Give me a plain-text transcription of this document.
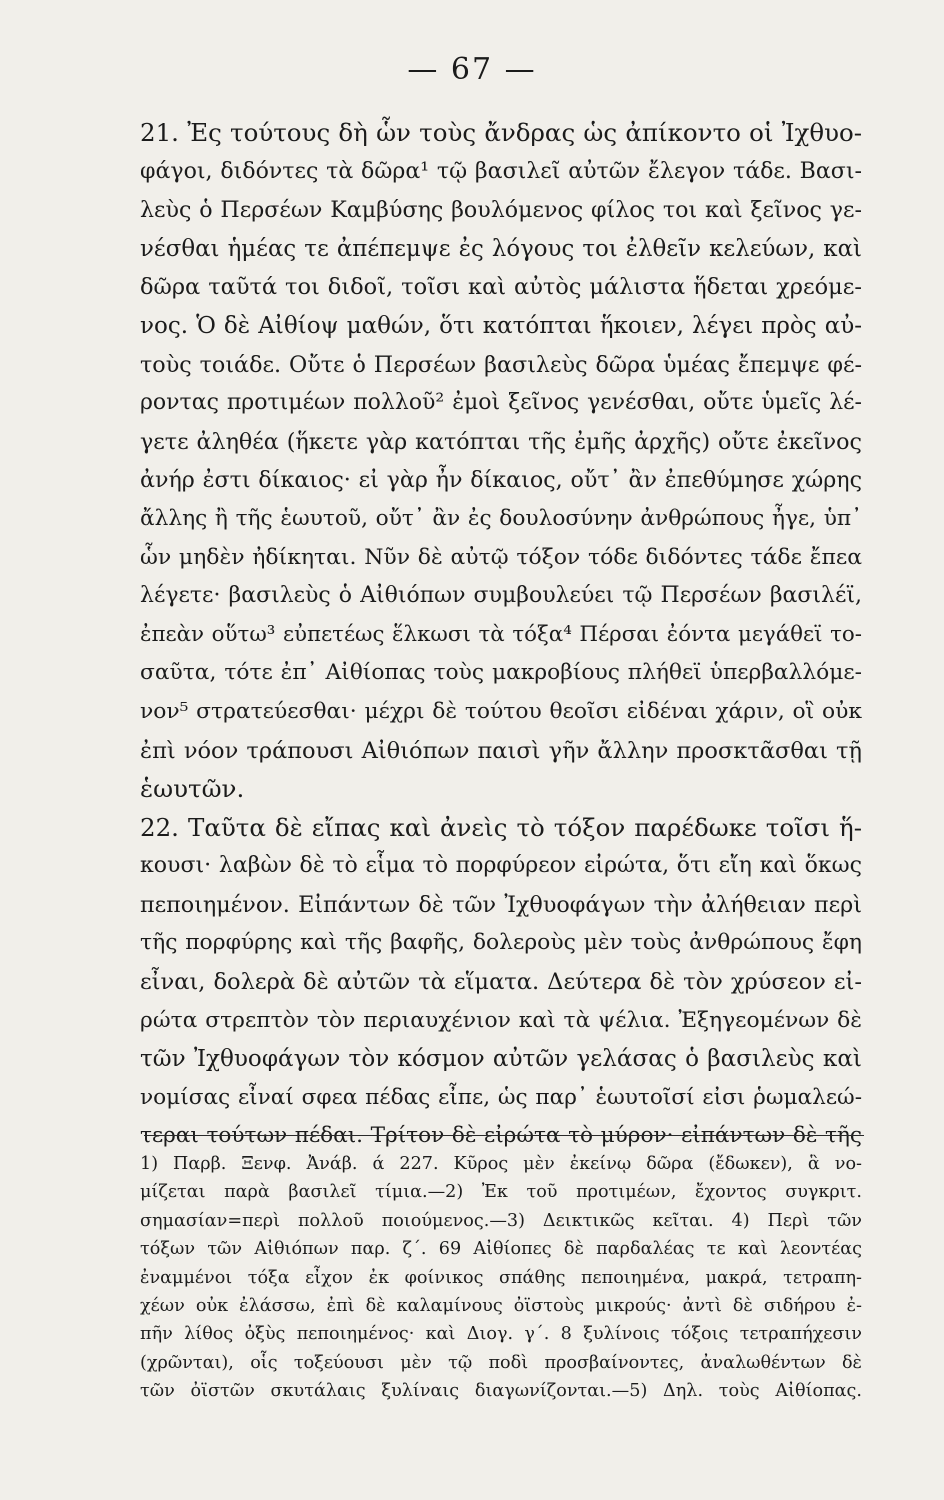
— 67 —
21. Ἐς τούτους δὴ ὧν τοὺς ἄνδρας ὡς ἀπίκοντο οἱ Ἰχθυο-
φάγοι, διδόντες τὰ δῶρα¹ τῷ βασιλεῖ αὐτῶν ἔλεγον τάδε. Βασι-
λεὺς ὁ Περσέων Καμβύσης βουλόμενος φίλος τοι καὶ ξεῖνος γε-
νέσθαι ἡμέας τε ἀπέπεμψε ἐς λόγους τοι ἐλθεῖν κελεύων, καὶ
δῶρα ταῦτά τοι διδοῖ, τοῖσι καὶ αὐτὸς μάλιστα ἥδεται χρεόμε-
νος. Ὁ δὲ Αἰθίοψ μαθών, ὅτι κατόπται ἥκοιεν, λέγει πρὸς αὐ-
τοὺς τοιάδε. Οὔτε ὁ Περσέων βασιλεὺς δῶρα ὑμέας ἔπεμψε φέ-
ροντας προτιμέων πολλοῦ² ἐμοὶ ξεῖνος γενέσθαι, οὔτε ὑμεῖς λέ-
γετε ἀληθέα (ἥκετε γὰρ κατόπται τῆς ἐμῆς ἀρχῆς) οὔτε ἐκεῖνος
ἀνήρ ἐστι δίκαιος· εἰ γὰρ ἦν δίκαιος, οὔτ᾽ ἂν ἐπεθύμησε χώρης
ἄλλης ἢ τῆς ἑωυτοῦ, οὔτ᾽ ἂν ἐς δουλοσύνην ἀνθρώπους ἦγε, ὑπ᾽
ὧν μηδὲν ἠδίκηται. Νῦν δὲ αὐτῷ τόξον τόδε διδόντες τάδε ἔπεα
λέγετε· βασιλεὺς ὁ Αἰθιόπων συμβουλεύει τῷ Περσέων βασιλέϊ,
ἐπεὰν οὕτω³ εὐπετέως ἕλκωσι τὰ τόξα⁴ Πέρσαι ἐόντα μεγάθεϊ το-
σαῦτα, τότε ἐπ᾽ Αἰθίοπας τοὺς μακροβίους πλήθεϊ ὑπερβαλλόμε-
νον⁵ στρατεύεσθαι· μέχρι δὲ τούτου θεοῖσι εἰδέναι χάριν, οἳ οὐκ
ἐπὶ νόον τράπουσι Αἰθιόπων παισὶ γῆν ἄλλην προσκτᾶσθαι τῇ
ἑωυτῶν.
22. Ταῦτα δὲ εἴπας καὶ ἀνεὶς τὸ τόξον παρέδωκε τοῖσι ἥ-
κουσι· λαβὼν δὲ τὸ εἷμα τὸ πορφύρεον εἰρώτα, ὅτι εἴη καὶ ὅκως
πεποιημένον. Εἰπάντων δὲ τῶν Ἰχθυοφάγων τὴν ἀλήθειαν περὶ
τῆς πορφύρης καὶ τῆς βαφῆς, δολεροὺς μὲν τοὺς ἀνθρώπους ἔφη
εἶναι, δολερὰ δὲ αὐτῶν τὰ εἵματα. Δεύτερα δὲ τὸν χρύσεον εἰ-
ρώτα στρεπτὸν τὸν περιαυχένιον καὶ τὰ ψέλια. Ἐξηγεομένων δὲ
τῶν Ἰχθυοφάγων τὸν κόσμον αὐτῶν γελάσας ὁ βασιλεὺς καὶ
νομίσας εἶναί σφεα πέδας εἶπε, ὡς παρ᾽ ἑωυτοῖσί εἰσι ῥωμαλεώ-
τεραι τούτων πέδαι. Τρίτον δὲ εἰρώτα τὸ μύρον· εἰπάντων δὲ τῆς
1) Παρβ. Ξενφ. Ἀνάβ. ά 227. Κῦρος μὲν ἐκείνῳ δῶρα (ἔδωκεν), ἃ νο-
μίζεται παρὰ βασιλεῖ τίμια.—2) Ἐκ τοῦ προτιμέων, ἔχοντος συγκριτ.
σημασίαν=περὶ πολλοῦ ποιούμενος.—3) Δεικτικῶς κεῖται. 4) Περὶ τῶν
τόξων τῶν Αἰθιόπων παρ. ζ΄. 69 Αἰθίοπες δὲ παρδαλέας τε καὶ λεοντέας
ἐναμμένοι τόξα εἶχον ἐκ φοίνικος σπάθης πεποιημένα, μακρά, τετραπη-
χέων οὐκ ἐλάσσω, ἐπὶ δὲ καλαμίνους ὀϊστοὺς μικρούς· ἀντὶ δὲ σιδήρου ἐ-
πῆν λίθος ὀξὺς πεποιημένος· καὶ Διογ. γ΄. 8 ξυλίνοις τόξοις τετραπήχεσιν
(χρῶνται), οἷς τοξεύουσι μὲν τῷ ποδὶ προσβαίνοντες, ἀναλωθέντων δὲ
τῶν ὀϊστῶν σκυτάλαις ξυλίναις διαγωνίζονται.—5) Δηλ. τοὺς Αἰθίοπας.
